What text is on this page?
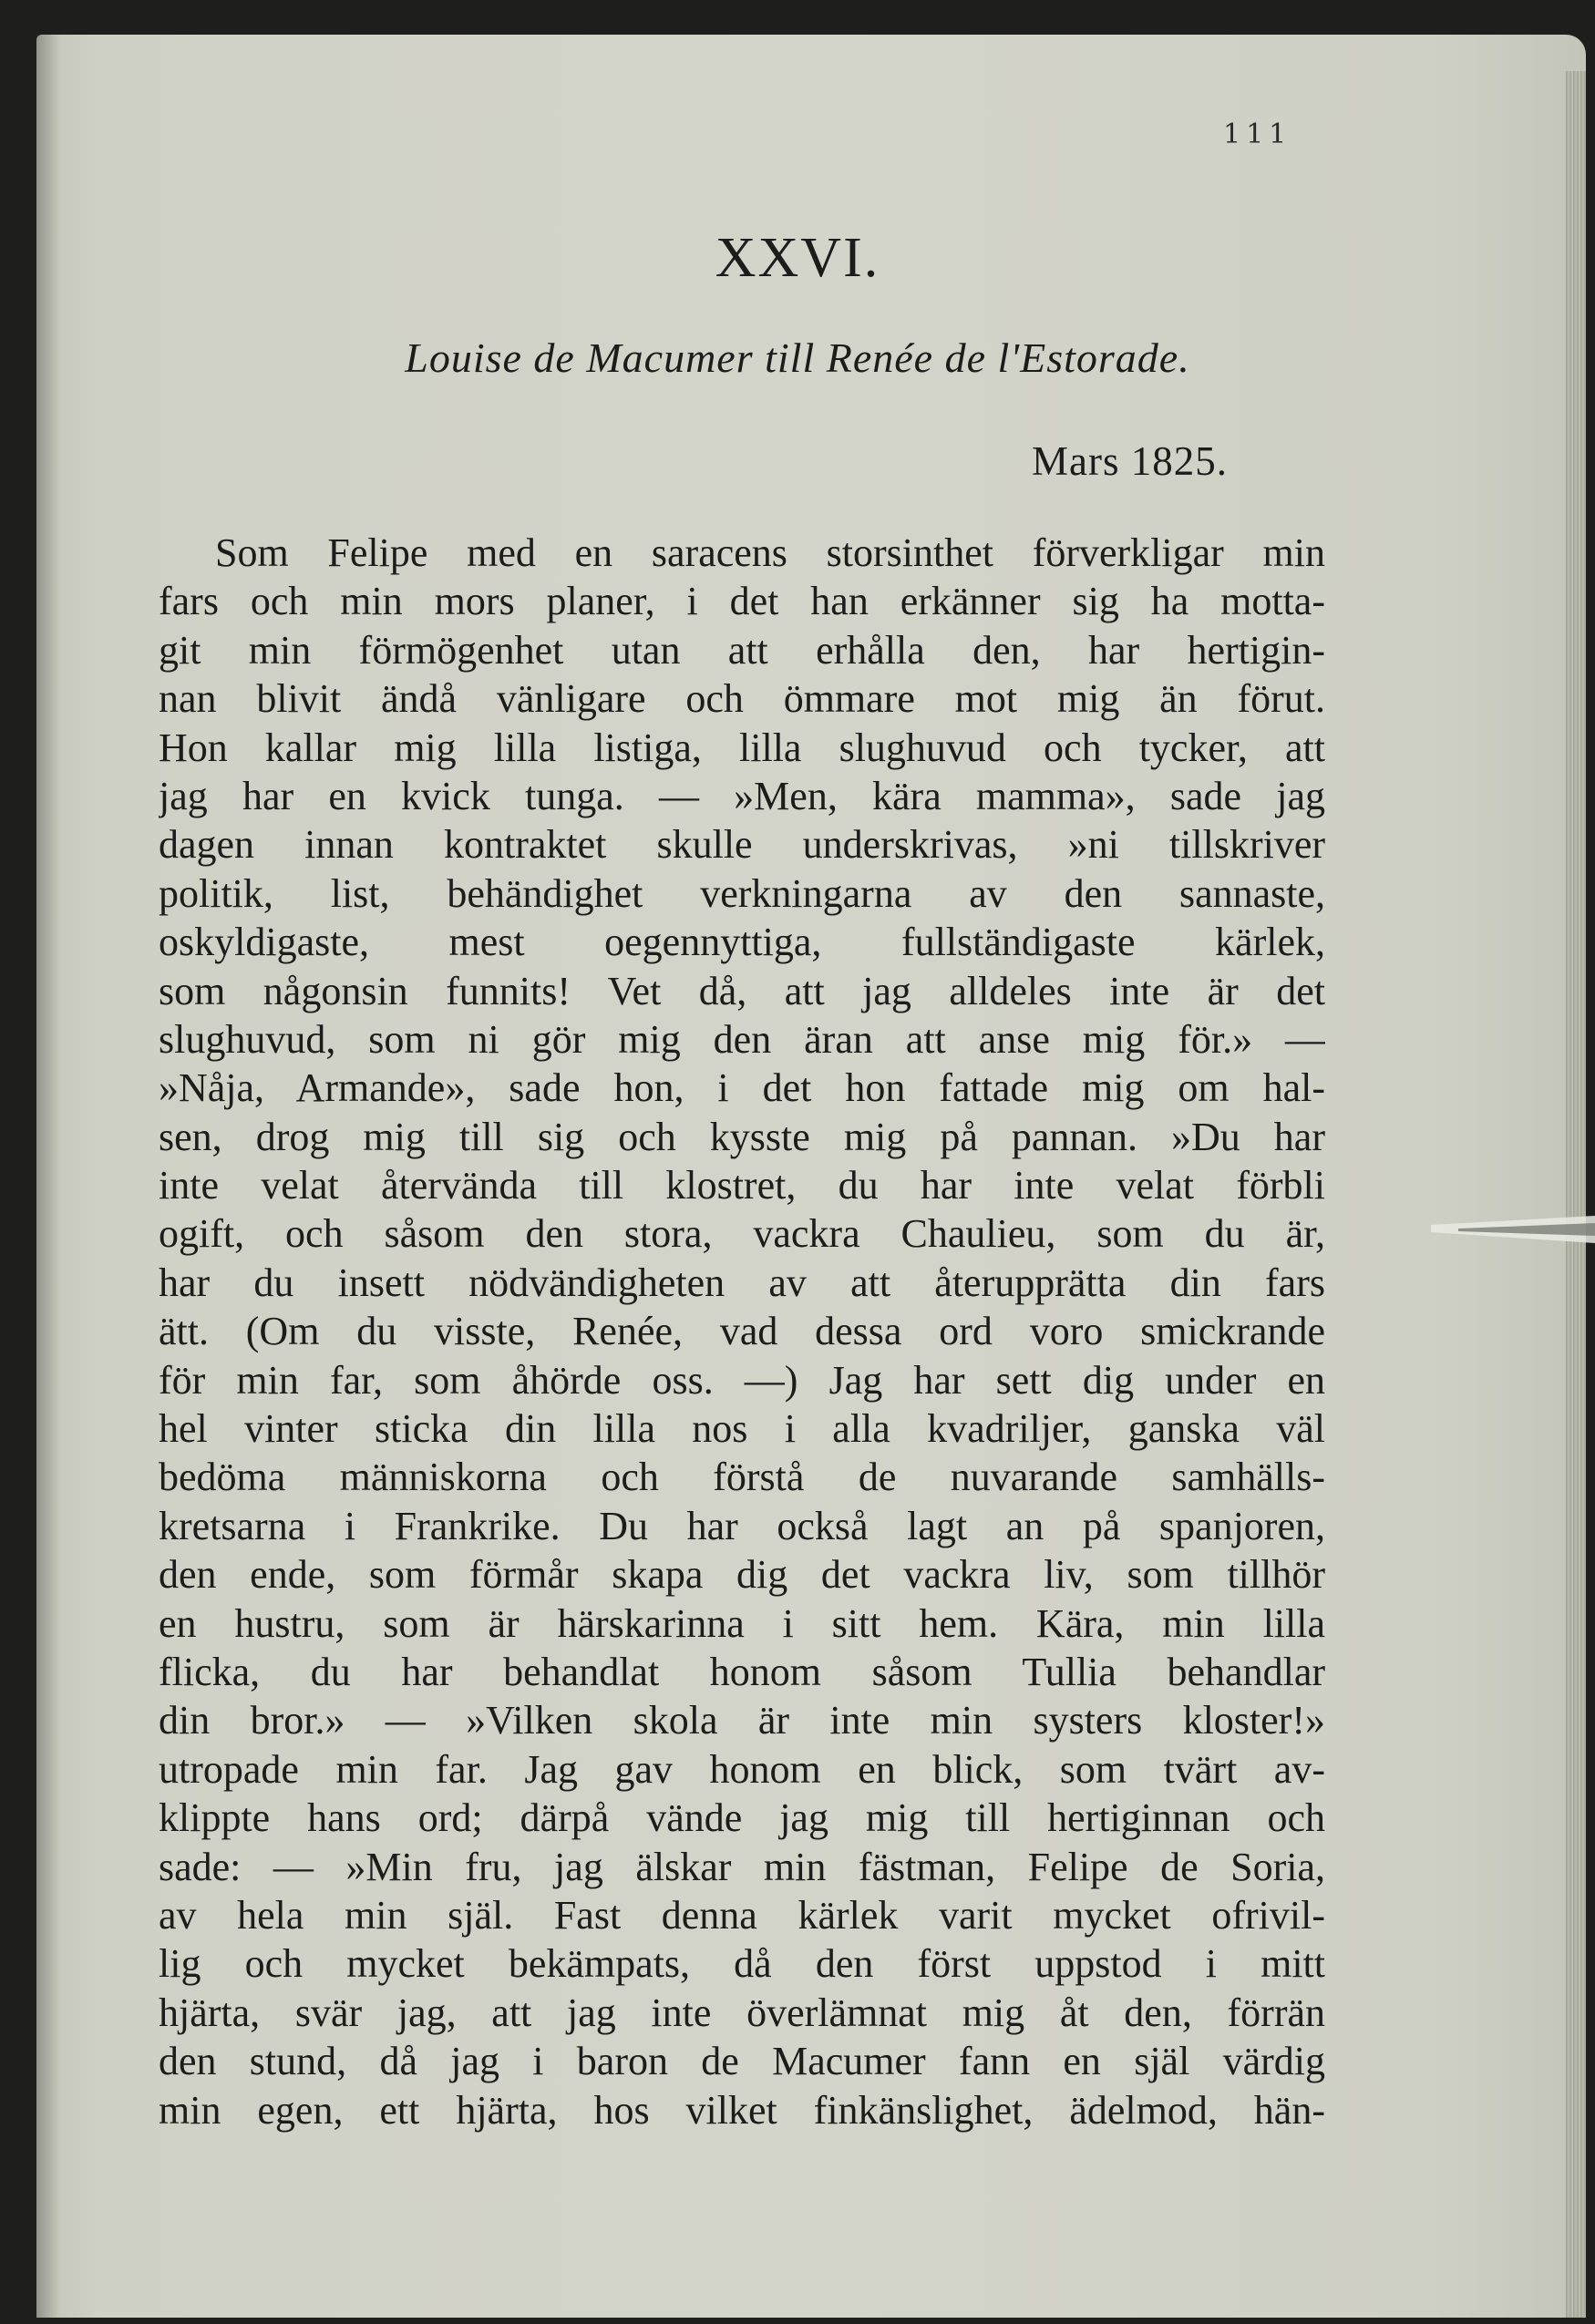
111
XXVI.
Louise de Macumer till Renée de l'Estorade.
Mars 1825.
Som Felipe med en saracens storsinthet förverkligar min
fars och min mors planer, i det han erkänner sig ha motta-
git min förmögenhet utan att erhålla den, har hertigin-
nan blivit ändå vänligare och ömmare mot mig än förut.
Hon kallar mig lilla listiga, lilla slughuvud och tycker, att
jag har en kvick tunga. — »Men, kära mamma», sade jag
dagen innan kontraktet skulle underskrivas, »ni tillskriver
politik, list, behändighet verkningarna av den sannaste,
oskyldigaste, mest oegennyttiga, fullständigaste kärlek,
som någonsin funnits! Vet då, att jag alldeles inte är det
slughuvud, som ni gör mig den äran att anse mig för.» —
»Nåja, Armande», sade hon, i det hon fattade mig om hal-
sen, drog mig till sig och kysste mig på pannan. »Du har
inte velat återvända till klostret, du har inte velat förbli
ogift, och såsom den stora, vackra Chaulieu, som du är,
har du insett nödvändigheten av att återupprätta din fars
ätt. (Om du visste, Renée, vad dessa ord voro smickrande
för min far, som åhörde oss. —) Jag har sett dig under en
hel vinter sticka din lilla nos i alla kvadriljer, ganska väl
bedöma människorna och förstå de nuvarande samhälls-
kretsarna i Frankrike. Du har också lagt an på spanjoren,
den ende, som förmår skapa dig det vackra liv, som tillhör
en hustru, som är härskarinna i sitt hem. Kära, min lilla
flicka, du har behandlat honom såsom Tullia behandlar
din bror.» — »Vilken skola är inte min systers kloster!»
utropade min far. Jag gav honom en blick, som tvärt av-
klippte hans ord; därpå vände jag mig till hertiginnan och
sade: — »Min fru, jag älskar min fästman, Felipe de Soria,
av hela min själ. Fast denna kärlek varit mycket ofrivil-
lig och mycket bekämpats, då den först uppstod i mitt
hjärta, svär jag, att jag inte överlämnat mig åt den, förrän
den stund, då jag i baron de Macumer fann en själ värdig
min egen, ett hjärta, hos vilket finkänslighet, ädelmod, hän-
